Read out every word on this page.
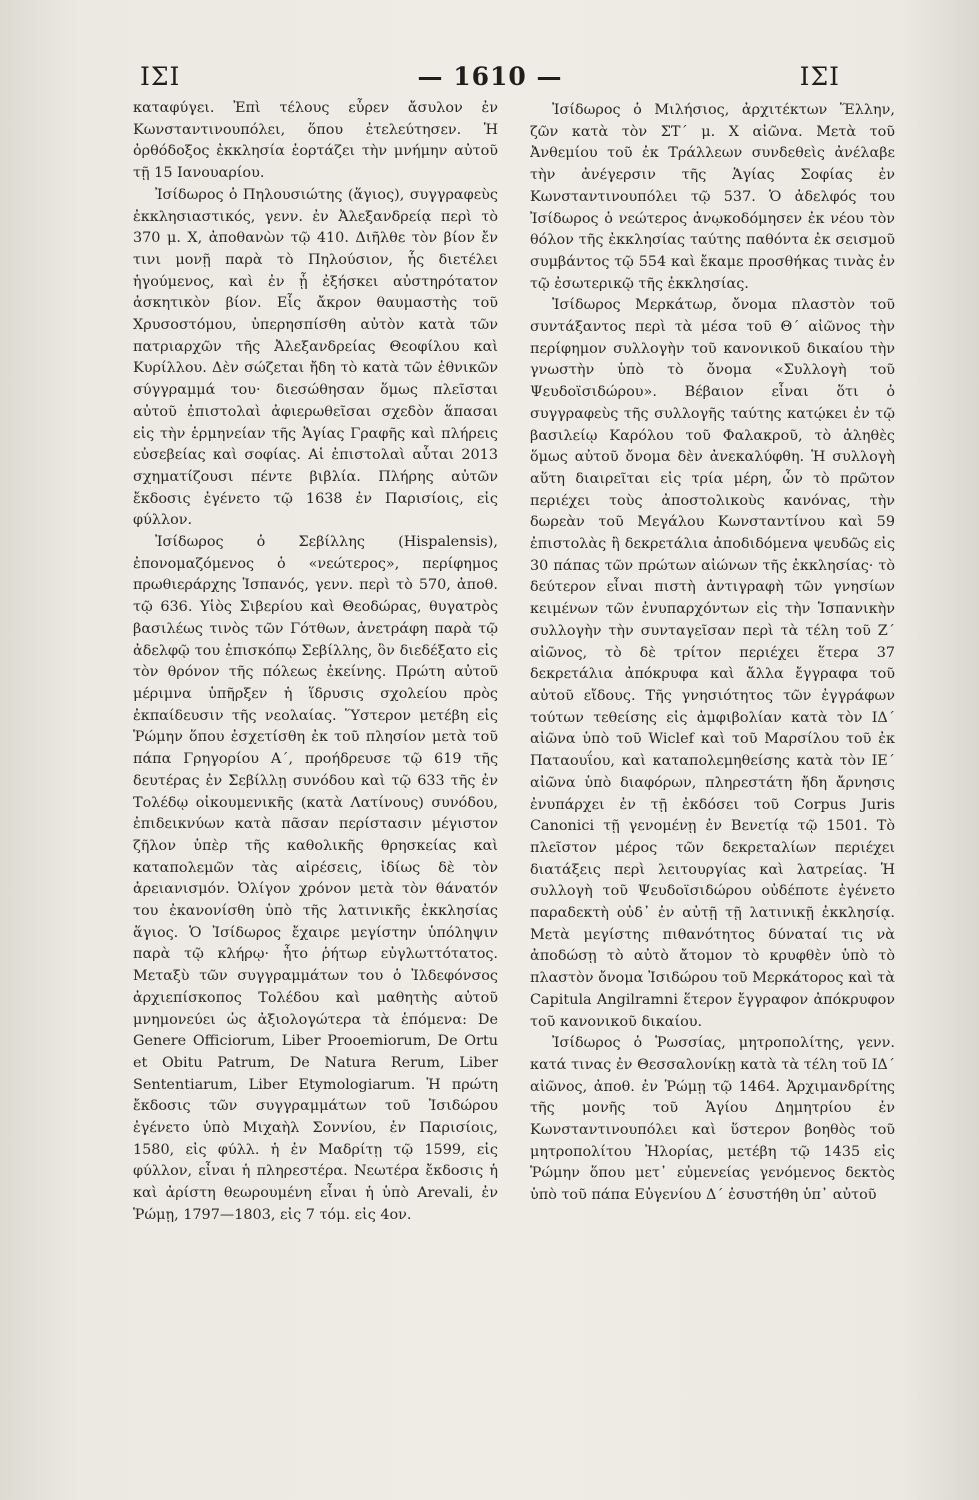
ΙΣΙ	— 1610 —	ΙΣΙ

καταφύγει. Ἐπὶ τέλους εὗρεν ἄσυλον ἐν Κωνσταντινουπόλει, ὅπου ἐτελεύτησεν. Ἡ ὀρθόδοξος ἐκκλησία ἑορτάζει τὴν μνήμην αὐτοῦ τῇ 15 Ιανουαρίου.

Ἰσίδωρος ὁ Πηλουσιώτης (ἅγιος), συγγραφεὺς ἐκκλησιαστικός, γενν. ἐν Ἀλεξανδρείᾳ περὶ τὸ 370 μ. Χ, ἀποθανὼν τῷ 410. Διῆλθε τὸν βίον ἔν τινι μονῇ παρὰ τὸ Πηλούσιον, ἧς διετέλει ἡγούμενος, καὶ ἐν ᾗ ἐξήσκει αὐστηρότατον ἀσκητικὸν βίον. Εἷς ἄκρον θαυμαστὴς τοῦ Χρυσοστόμου, ὑπερησπίσθη αὐτὸν κατὰ τῶν πατριαρχῶν τῆς Ἀλεξανδρείας Θεοφίλου καὶ Κυρίλλου. Δὲν σώζεται ἤδη τὸ κατὰ τῶν ἐθνικῶν σύγγραμμά του· διεσώθησαν ὅμως πλεῖσται αὐτοῦ ἐπιστολαὶ ἀφιερωθεῖσαι σχεδὸν ἅπασαι εἰς τὴν ἑρμηνείαν τῆς Ἁγίας Γραφῆς καὶ πλήρεις εὐσεβείας καὶ σοφίας. Αἱ ἐπιστολαὶ αὗται 2013 σχηματίζουσι πέντε βιβλία. Πλήρης αὐτῶν ἔκδοσις ἐγένετο τῷ 1638 ἐν Παρισίοις, εἰς φύλλον.

Ἰσίδωρος ὁ Σεβίλλης (Hispalensis), ἐπονομαζόμενος ὁ «νεώτερος», περίφημος πρωθιεράρχης Ἱσπανός, γενν. περὶ τὸ 570, ἀποθ. τῷ 636. Υἱὸς Σιβερίου καὶ Θεοδώρας, θυγατρὸς βασιλέως τινὸς τῶν Γότθων, ἀνετράφη παρὰ τῷ ἀδελφῷ του ἐπισκόπῳ Σεβίλλης, ὃν διεδέξατο εἰς τὸν θρόνον τῆς πόλεως ἐκείνης. Πρώτη αὐτοῦ μέριμνα ὑπῆρξεν ἡ ἵδρυσις σχολείου πρὸς ἐκπαίδευσιν τῆς νεολαίας. Ὕστερον μετέβη εἰς Ῥώμην ὅπου ἐσχετίσθη ἐκ τοῦ πλησίον μετὰ τοῦ πάπα Γρηγορίου Α΄, προήδρευσε τῷ 619 τῆς δευτέρας ἐν Σεβίλλῃ συνόδου καὶ τῷ 633 τῆς ἐν Τολέδῳ οἰκουμενικῆς (κατὰ Λατίνους) συνόδου, ἐπιδεικνύων κατὰ πᾶσαν περίστασιν μέγιστον ζῆλον ὑπὲρ τῆς καθολικῆς θρησκείας καὶ καταπολεμῶν τὰς αἱρέσεις, ἰδίως δὲ τὸν ἀρειανισμόν. Ὀλίγον χρόνον μετὰ τὸν θάνατόν του ἐκανονίσθη ὑπὸ τῆς λατινικῆς ἐκκλησίας ἅγιος. Ὁ Ἰσίδωρος ἔχαιρε μεγίστην ὑπόληψιν παρὰ τῷ κλήρῳ· ἦτο ῥήτωρ εὐγλωττότατος. Μεταξὺ τῶν συγγραμμάτων του ὁ Ἰλδεφόνσος ἀρχιεπίσκοπος Τολέδου καὶ μαθητὴς αὐτοῦ μνημονεύει ὡς ἀξιολογώτερα τὰ ἑπόμενα: De Genere Officiorum, Liber Prooemiorum, De Ortu et Obitu Patrum, De Natura Rerum, Liber Sententiarum, Liber Etymologiarum. Ἡ πρώτη ἔκδοσις τῶν συγγραμμάτων τοῦ Ἰσιδώρου ἐγένετο ὑπὸ Μιχαὴλ Σοννίου, ἐν Παρισίοις, 1580, εἰς φύλλ. ἡ ἐν Μαδρίτῃ τῷ 1599, εἰς φύλλον, εἶναι ἡ πληρεστέρα. Νεωτέρα ἔκδοσις ἡ καὶ ἀρίστη θεωρουμένη εἶναι ἡ ὑπὸ Arevali, ἐν Ῥώμῃ, 1797—1803, εἰς 7 τόμ. εἰς 4ον.

Ἰσίδωρος ὁ Μιλήσιος, ἀρχιτέκτων Ἕλλην, ζῶν κατὰ τὸν ΣΤ΄ μ. Χ αἰῶνα. Μετὰ τοῦ Ἀνθεμίου τοῦ ἐκ Τράλλεων συνδεθεὶς ἀνέλαβε τὴν ἀνέγερσιν τῆς Ἁγίας Σοφίας ἐν Κωνσταντινουπόλει τῷ 537. Ὁ ἀδελφός του Ἰσίδωρος ὁ νεώτερος ἀνῳκοδόμησεν ἐκ νέου τὸν θόλον τῆς ἐκκλησίας ταύτης παθόντα ἐκ σεισμοῦ συμβάντος τῷ 554 καὶ ἔκαμε προσθήκας τινὰς ἐν τῷ ἐσωτερικῷ τῆς ἐκκλησίας.

Ἰσίδωρος Μερκάτωρ, ὄνομα πλαστὸν τοῦ συντάξαντος περὶ τὰ μέσα τοῦ Θ΄ αἰῶνος τὴν περίφημον συλλογὴν τοῦ κανονικοῦ δικαίου τὴν γνωστὴν ὑπὸ τὸ ὄνομα «Συλλογὴ τοῦ Ψευδοϊσιδώρου». Βέβαιον εἶναι ὅτι ὁ συγγραφεὺς τῆς συλλογῆς ταύτης κατῴκει ἐν τῷ βασιλείῳ Καρόλου τοῦ Φαλακροῦ, τὸ ἀληθὲς ὅμως αὐτοῦ ὄνομα δὲν ἀνεκαλύφθη. Ἡ συλλογὴ αὕτη διαιρεῖται εἰς τρία μέρη, ὧν τὸ πρῶτον περιέχει τοὺς ἀποστολικοὺς κανόνας, τὴν δωρεὰν τοῦ Μεγάλου Κωνσταντίνου καὶ 59 ἐπιστολὰς ἢ δεκρετάλια ἀποδιδόμενα ψευδῶς εἰς 30 πάπας τῶν πρώτων αἰώνων τῆς ἐκκλησίας· τὸ δεύτερον εἶναι πιστὴ ἀντιγραφὴ τῶν γνησίων κειμένων τῶν ἐνυπαρχόντων εἰς τὴν Ἱσπανικὴν συλλογὴν τὴν συνταγεῖσαν περὶ τὰ τέλη τοῦ Ζ΄ αἰῶνος, τὸ δὲ τρίτον περιέχει ἕτερα 37 δεκρετάλια ἀπόκρυφα καὶ ἄλλα ἔγγραφα τοῦ αὐτοῦ εἴδους. Τῆς γνησιότητος τῶν ἐγγράφων τούτων τεθείσης εἰς ἀμφιβολίαν κατὰ τὸν ΙΔ΄ αἰῶνα ὑπὸ τοῦ Wiclef καὶ τοῦ Μαρσίλου τοῦ ἐκ Παταουΐου, καὶ καταπολεμηθείσης κατὰ τὸν ΙΕ΄ αἰῶνα ὑπὸ διαφόρων, πληρεστάτη ἤδη ἄρνησις ἐνυπάρχει ἐν τῇ ἐκδόσει τοῦ Corpus Juris Canonici τῇ γενομένῃ ἐν Βενετίᾳ τῷ 1501. Τὸ πλεῖστον μέρος τῶν δεκρεταλίων περιέχει διατάξεις περὶ λειτουργίας καὶ λατρείας. Ἡ συλλογὴ τοῦ Ψευδοϊσιδώρου οὐδέποτε ἐγένετο παραδεκτὴ οὐδ᾽ ἐν αὐτῇ τῇ λατινικῇ ἐκκλησίᾳ. Μετὰ μεγίστης πιθανότητος δύναταί τις νὰ ἀποδώσῃ τὸ αὐτὸ ἄτομον τὸ κρυφθὲν ὑπὸ τὸ πλαστὸν ὄνομα Ἰσιδώρου τοῦ Μερκάτορος καὶ τὰ Capitula Angilramni ἕτερον ἔγγραφον ἀπόκρυφον τοῦ κανονικοῦ δικαίου.

Ἰσίδωρος ὁ Ῥωσσίας, μητροπολίτης, γενν. κατά τινας ἐν Θεσσαλονίκῃ κατὰ τὰ τέλη τοῦ ΙΔ΄ αἰῶνος, ἀποθ. ἐν Ῥώμῃ τῷ 1464. Ἀρχιμανδρίτης τῆς μονῆς τοῦ Ἁγίου Δημητρίου ἐν Κωνσταντινουπόλει καὶ ὕστερον βοηθὸς τοῦ μητροπολίτου Ἠλορίας, μετέβη τῷ 1435 εἰς Ῥώμην ὅπου μετ᾽ εὐμενείας γενόμενος δεκτὸς ὑπὸ τοῦ πάπα Εὐγενίου Δ΄ ἐσυστήθη ὑπ᾽ αὐτοῦ
